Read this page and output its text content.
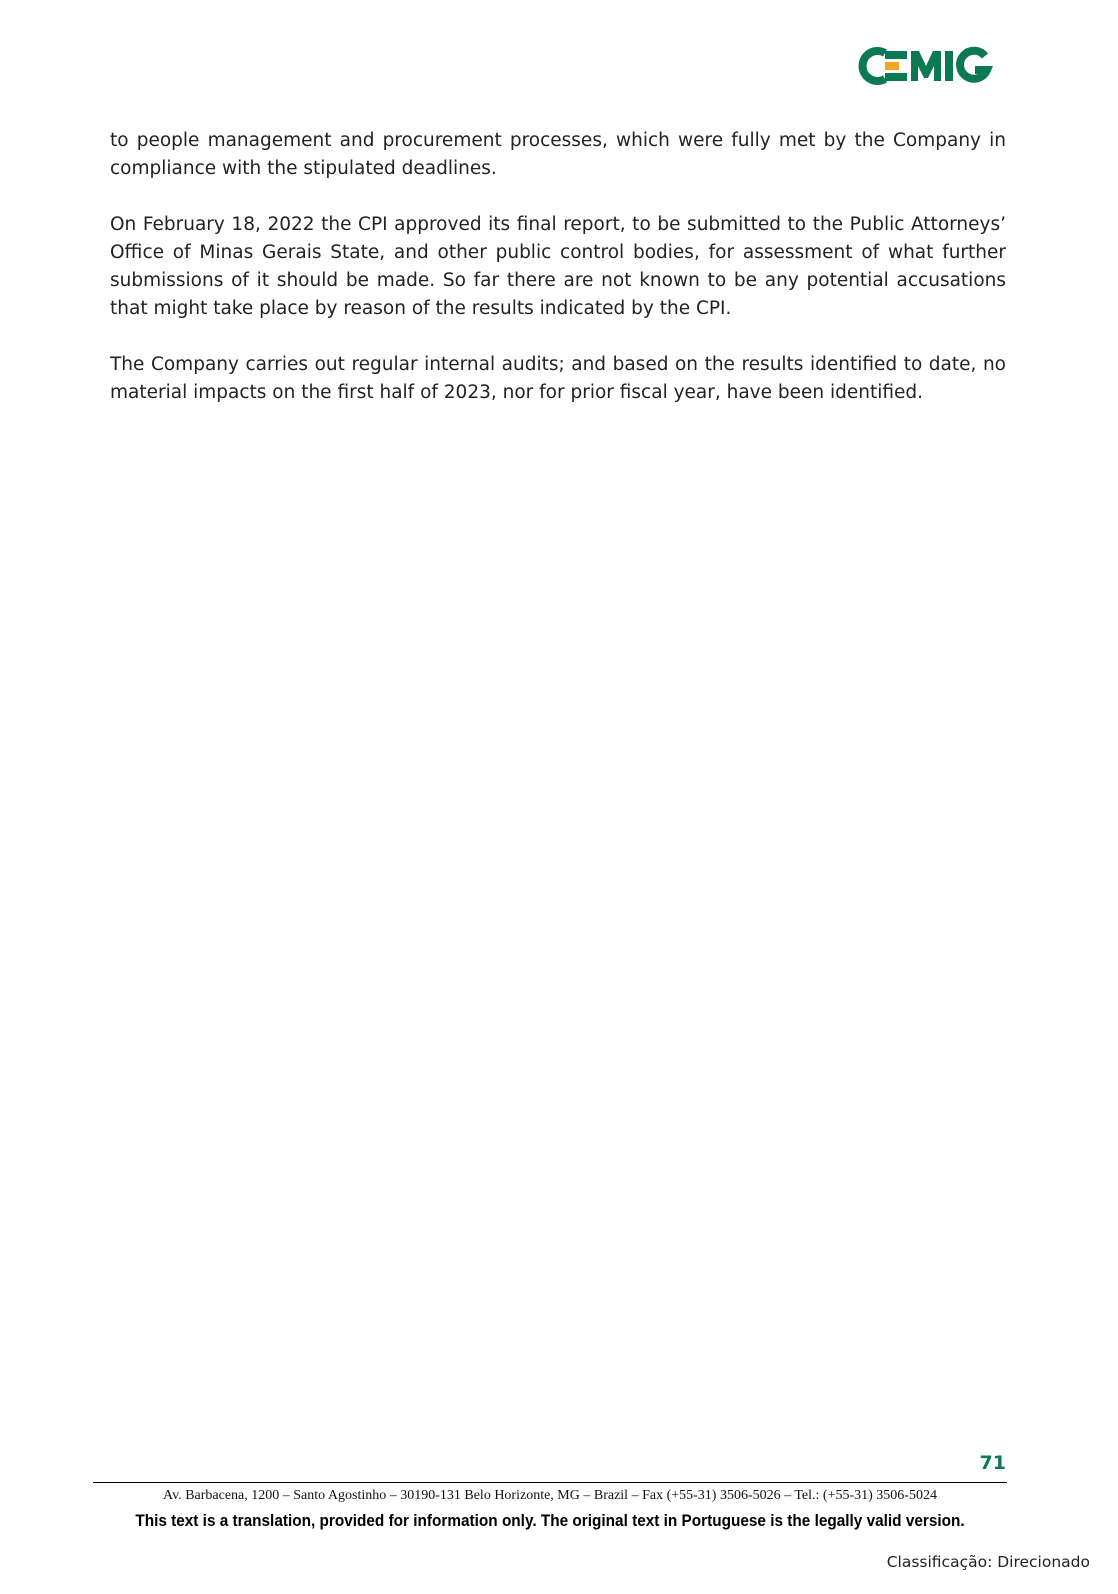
to people management and procurement processes, which were fully met by the Company in compliance with the stipulated deadlines.

On February 18, 2022 the CPI approved its final report, to be submitted to the Public Attorneys’ Office of Minas Gerais State, and other public control bodies, for assessment of what further submissions of it should be made. So far there are not known to be any potential accusations that might take place by reason of the results indicated by the CPI.

The Company carries out regular internal audits; and based on the results identified to date, no material impacts on the first half of 2023, nor for prior fiscal year, have been identified.

71
Av. Barbacena, 1200 – Santo Agostinho – 30190-131 Belo Horizonte, MG – Brazil – Fax (+55-31) 3506-5026 – Tel.: (+55-31) 3506-5024
This text is a translation, provided for information only. The original text in Portuguese is the legally valid version.
Classificação: Direcionado
